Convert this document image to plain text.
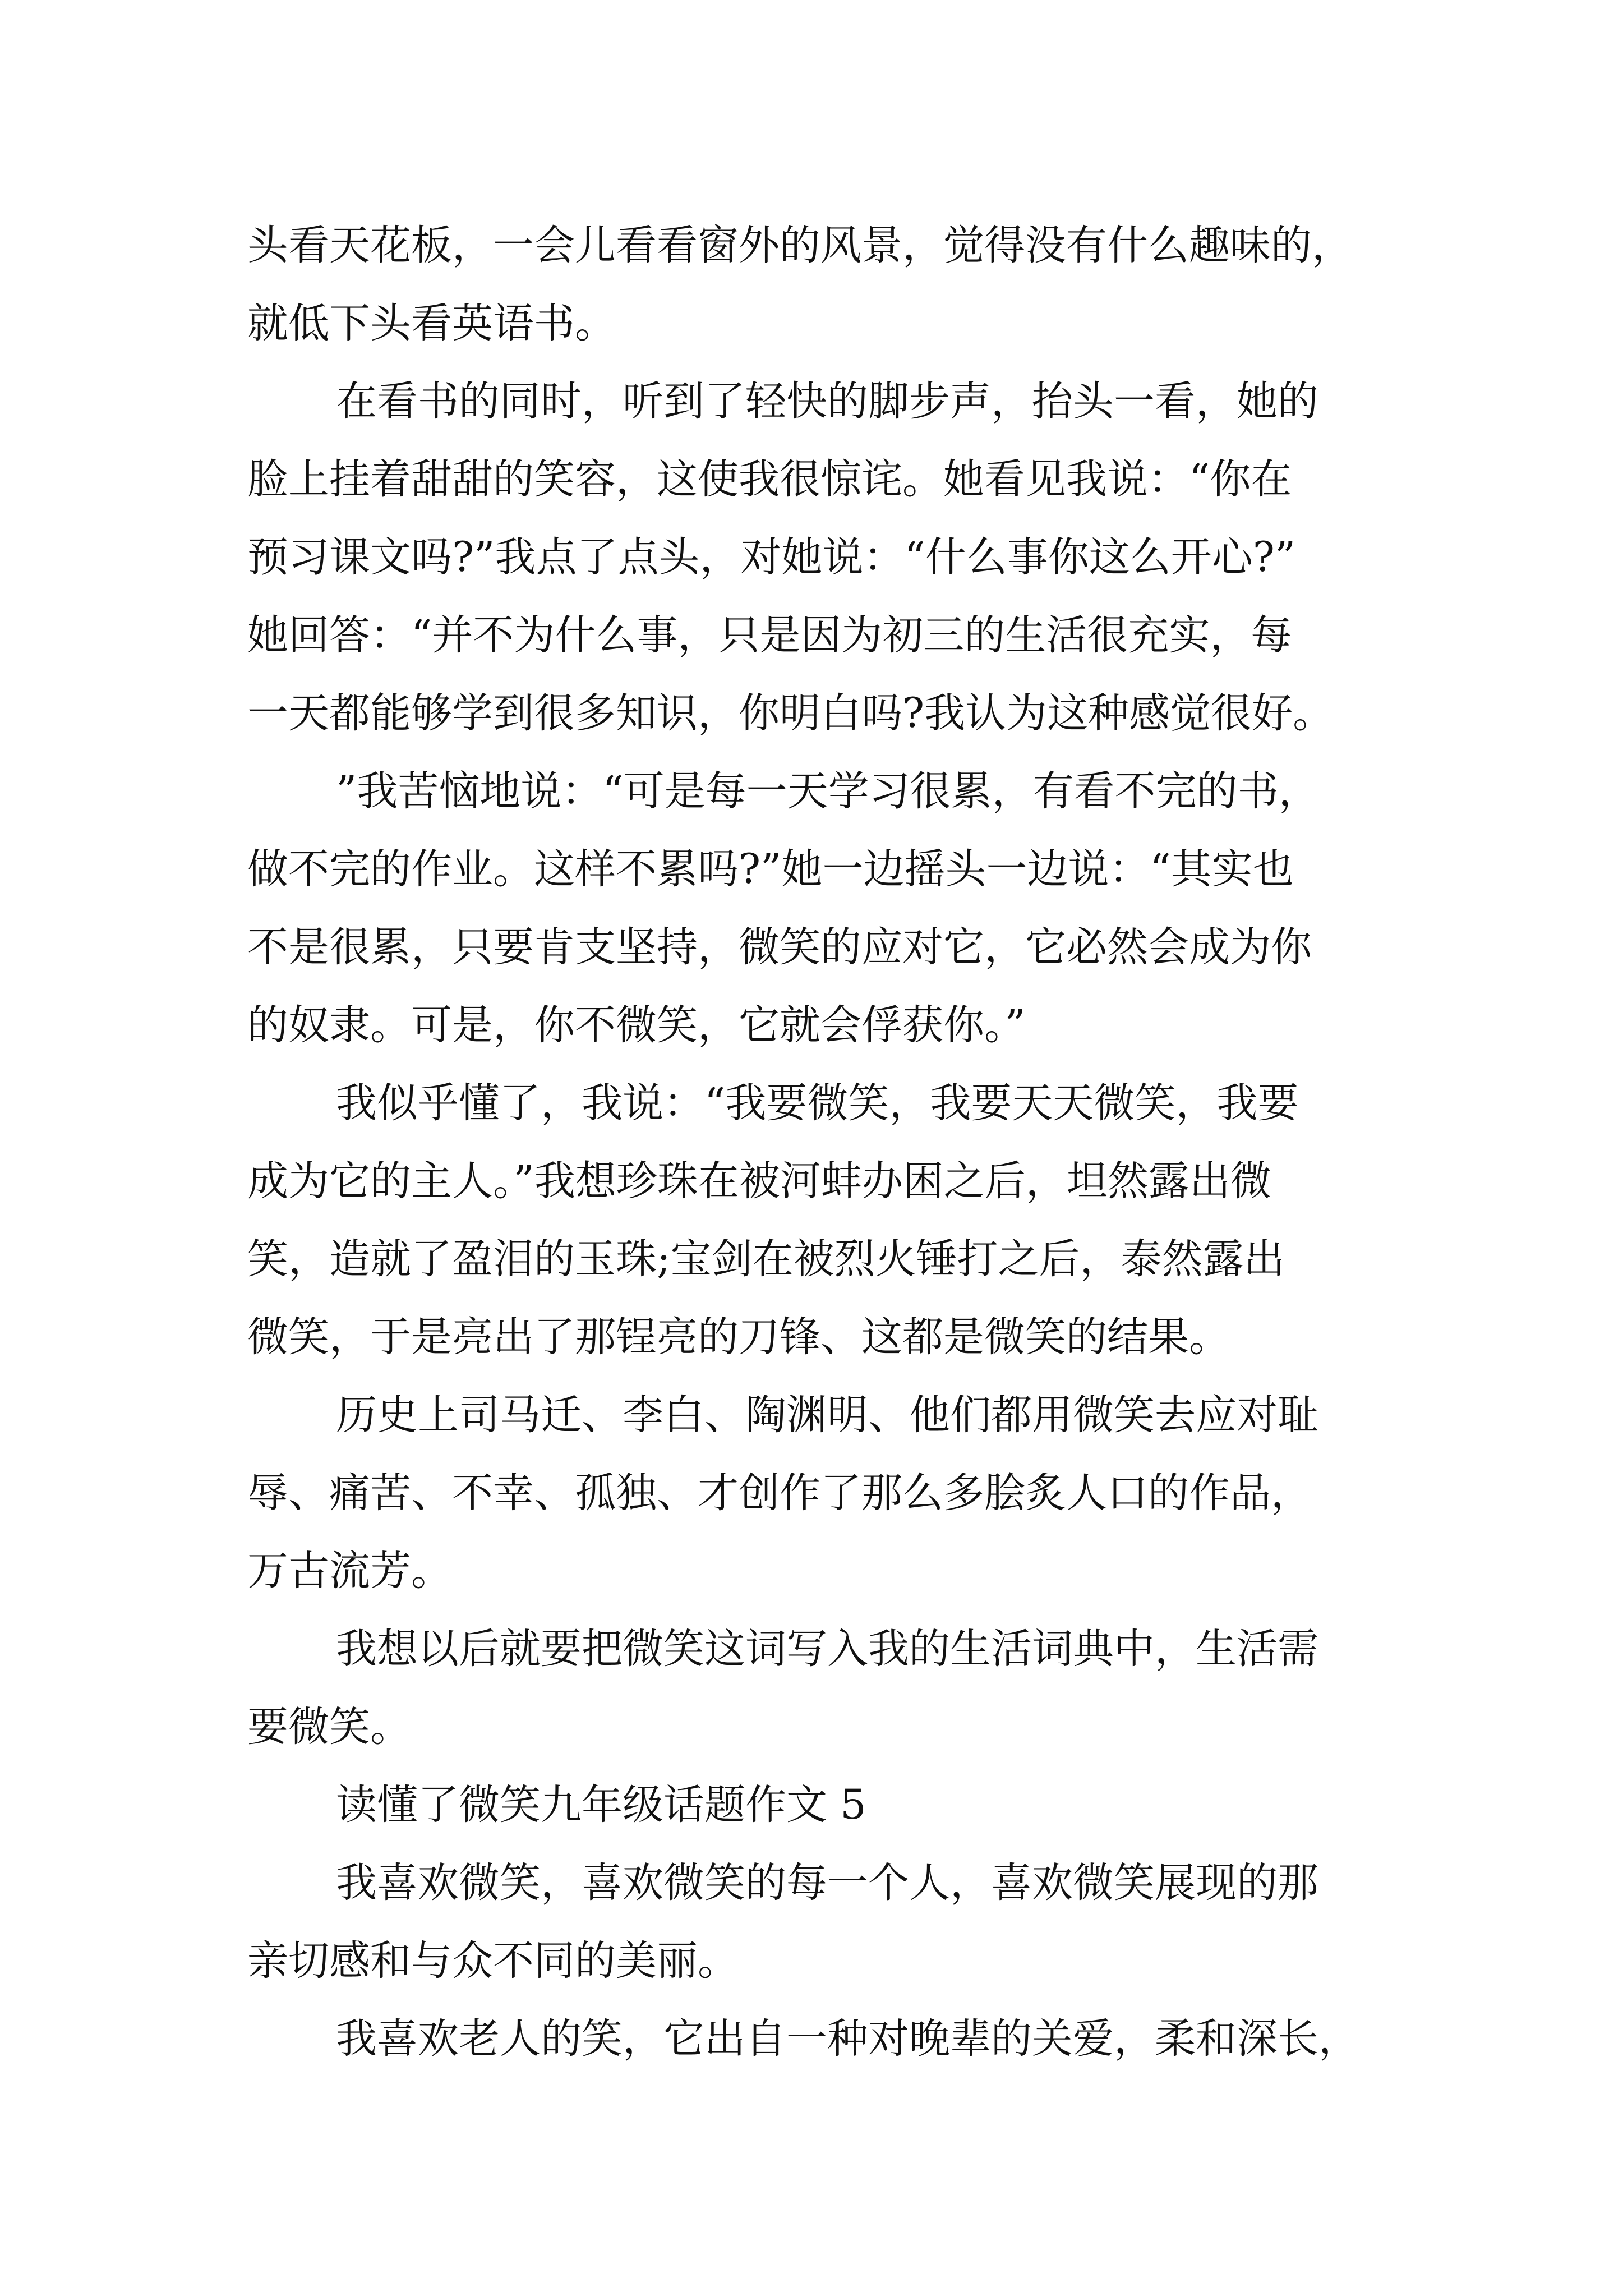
头看天花板，一会儿看看窗外的风景，觉得没有什么趣味的，
就低下头看英语书。
在看书的同时，听到了轻快的脚步声，抬头一看，她的
脸上挂着甜甜的笑容，这使我很惊诧。她看见我说：“你在
预习课文吗?”我点了点头，对她说：“什么事你这么开心?”
她回答：“并不为什么事，只是因为初三的生活很充实，每
一天都能够学到很多知识，你明白吗?我认为这种感觉很好。
”我苦恼地说：“可是每一天学习很累，有看不完的书，
做不完的作业。这样不累吗?”她一边摇头一边说：“其实也
不是很累，只要肯支坚持，微笑的应对它，它必然会成为你
的奴隶。可是，你不微笑，它就会俘获你。”
我似乎懂了，我说：“我要微笑，我要天天微笑，我要
成为它的主人。”我想珍珠在被河蚌办困之后，坦然露出微
笑，造就了盈泪的玉珠;宝剑在被烈火锤打之后，泰然露出
微笑，于是亮出了那锃亮的刀锋、这都是微笑的结果。
历史上司马迁、李白、陶渊明、他们都用微笑去应对耻
辱、痛苦、不幸、孤独、才创作了那么多脍炙人口的作品，
万古流芳。
我想以后就要把微笑这词写入我的生活词典中，生活需
要微笑。
读懂了微笑九年级话题作文 5
我喜欢微笑，喜欢微笑的每一个人，喜欢微笑展现的那
亲切感和与众不同的美丽。
我喜欢老人的笑，它出自一种对晚辈的关爱，柔和深长，
